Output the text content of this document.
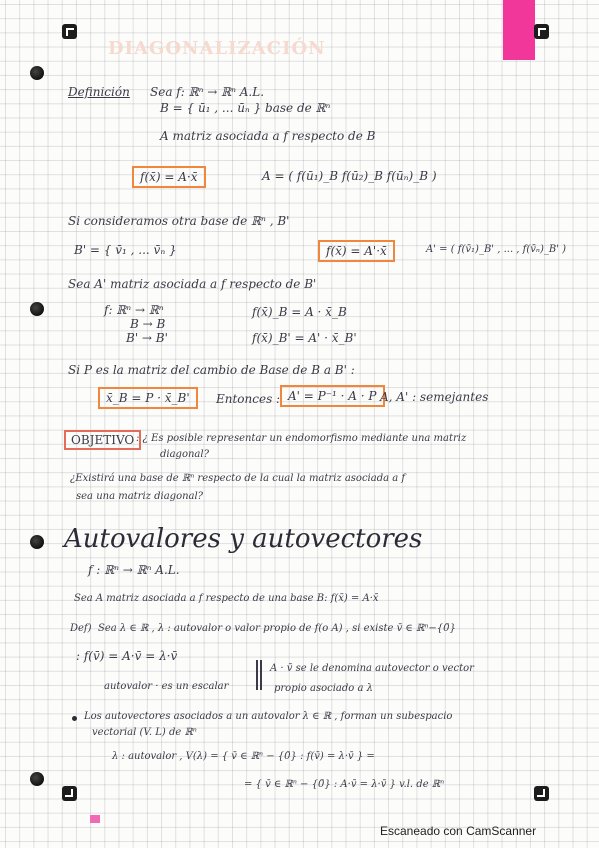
DIAGONALIZACIÓN
Definición Sea f: ℝⁿ → ℝⁿ A.L.
B = { ū₁ , ... ūₙ } base de ℝⁿ
A matriz asociada a f respecto de B
f(x̄) = A·x̄	A = ( f(ū₁)_B f(ū₂)_B f(ūₙ)_B )
Si consideramos otra base de ℝⁿ , B'
B' = { v̄₁ , ... v̄ₙ }	f(x̄) = A'·x̄	A' = ( f(v̄₁)_B' , ... , f(v̄ₙ)_B' )
Sea A' matriz asociada a f respecto de B'
f: ℝⁿ → ℝⁿ
B → B
B' → B'
f(x̄)_B = A · x̄_B
f(x̄)_B' = A' · x̄_B'
Si P es la matriz del cambio de Base de B a B' :
x̄_B = P · x̄_B'	Entonces : A' = P⁻¹ · A · P A, A' : semejantes
OBJETIVO : ¿ Es posible representar un endomorfismo mediante una matriz
diagonal?
¿Existirá una base de ℝⁿ respecto de la cual la matriz asociada a f
sea una matriz diagonal?
Autovalores y autovectores
f : ℝⁿ → ℝⁿ A.L.
Sea A matriz asociada a f respecto de una base B: f(x̄) = A·x̄
Def) Sea λ ∈ ℝ , λ : autovalor o valor propio de f(o A) , si existe v̄ ∈ ℝⁿ−{0̄}
: f(v̄) = A·v̄ = λ·v̄
autovalor · es un escalar
A · v̄ se le denomina autovector o vector
propio asociado a λ
Los autovectores asociados a un autovalor λ ∈ ℝ , forman un subespacio
vectorial (V. L) de ℝⁿ
λ : autovalor , V(λ) = { v̄ ∈ ℝⁿ − {0̄} : f(v̄) = λ·v̄ } =
= { v̄ ∈ ℝⁿ − {0̄} : A·v̄ = λ·v̄ } v.l. de ℝⁿ
Escaneado con CamScanner
